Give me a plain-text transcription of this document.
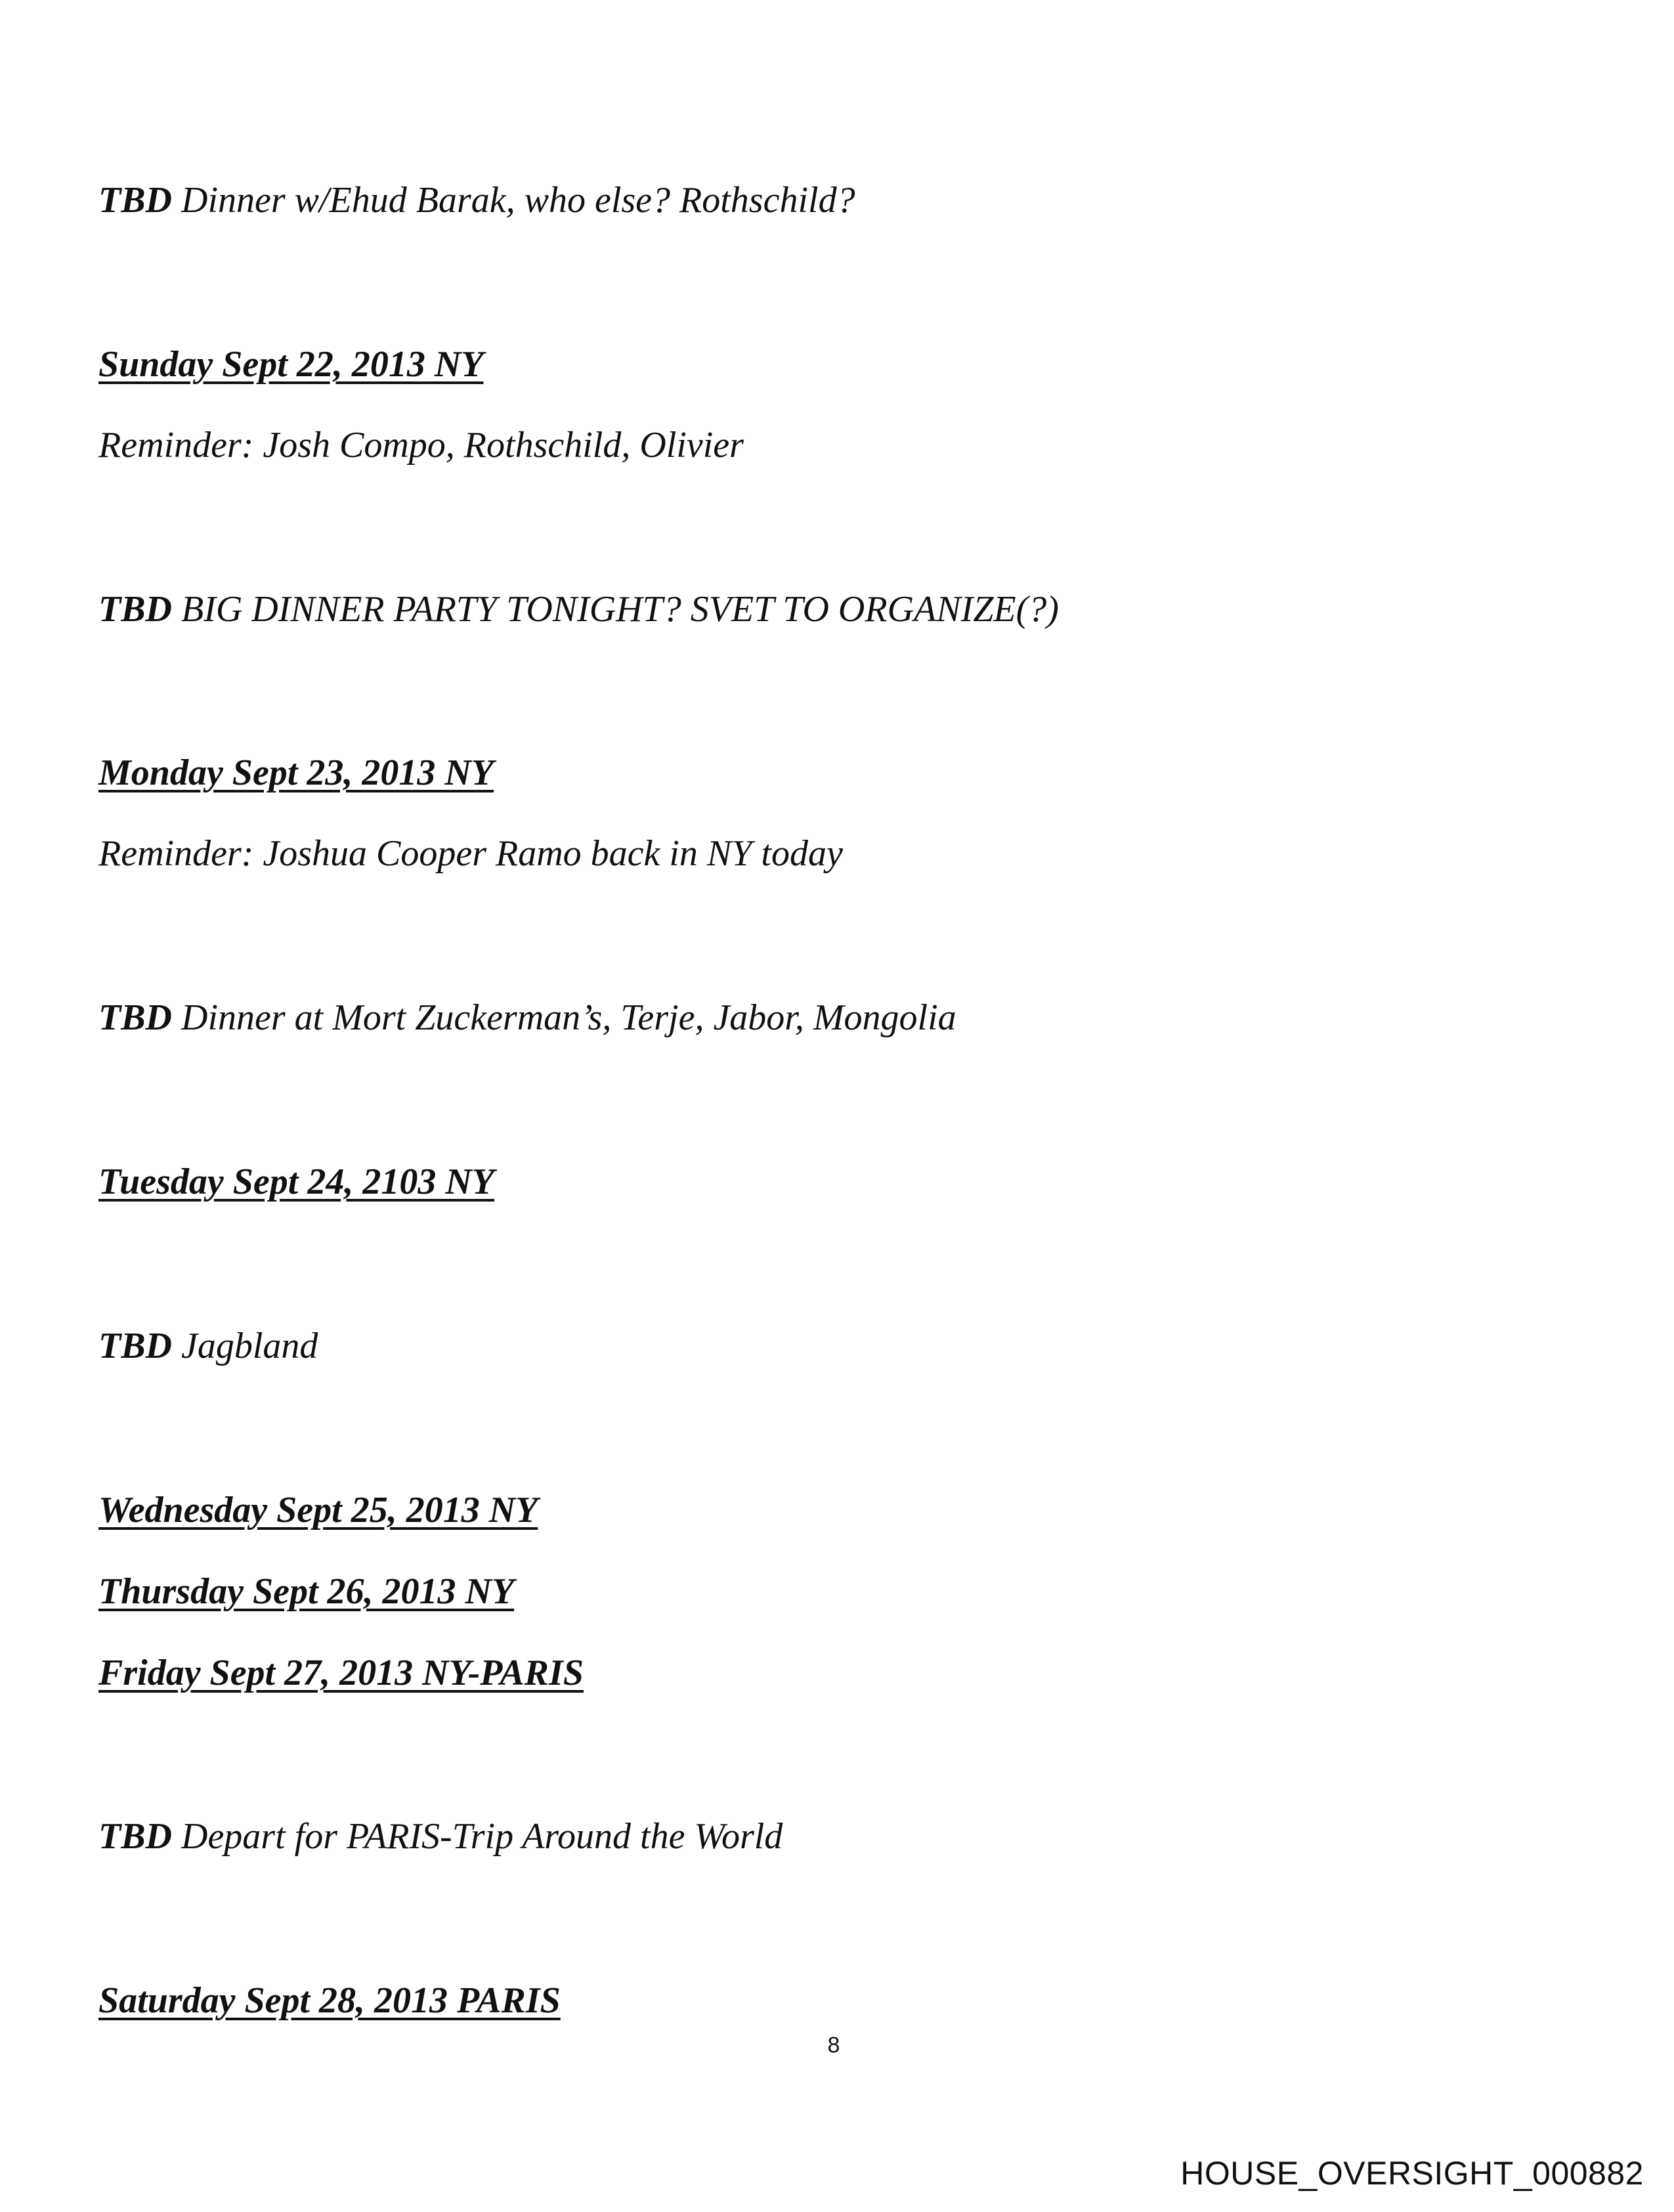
TBD Dinner w/Ehud Barak, who else? Rothschild?
Sunday Sept 22, 2013 NY
Reminder: Josh Compo, Rothschild, Olivier
TBD BIG DINNER PARTY TONIGHT? SVET TO ORGANIZE(?)
Monday Sept 23, 2013 NY
Reminder: Joshua Cooper Ramo back in NY today
TBD Dinner at Mort Zuckerman’s, Terje, Jabor, Mongolia
Tuesday Sept 24, 2103 NY
TBD Jagbland
Wednesday Sept 25, 2013 NY
Thursday Sept 26, 2013 NY
Friday Sept 27, 2013 NY-PARIS
TBD Depart for PARIS-Trip Around the World
Saturday Sept 28, 2013 PARIS
8
HOUSE_OVERSIGHT_000882
